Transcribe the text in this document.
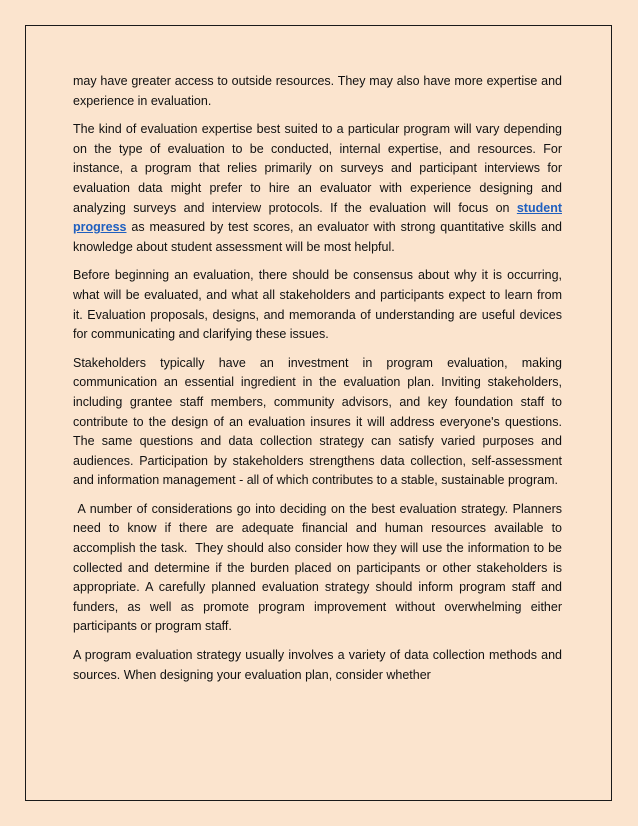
may have greater access to outside resources. They may also have more expertise and experience in evaluation.

The kind of evaluation expertise best suited to a particular program will vary depending on the type of evaluation to be conducted, internal expertise, and resources. For instance, a program that relies primarily on surveys and participant interviews for evaluation data might prefer to hire an evaluator with experience designing and analyzing surveys and interview protocols. If the evaluation will focus on student progress as measured by test scores, an evaluator with strong quantitative skills and knowledge about student assessment will be most helpful.

Before beginning an evaluation, there should be consensus about why it is occurring, what will be evaluated, and what all stakeholders and participants expect to learn from it. Evaluation proposals, designs, and memoranda of understanding are useful devices for communicating and clarifying these issues.

Stakeholders typically have an investment in program evaluation, making communication an essential ingredient in the evaluation plan. Inviting stakeholders, including grantee staff members, community advisors, and key foundation staff to contribute to the design of an evaluation insures it will address everyone's questions. The same questions and data collection strategy can satisfy varied purposes and audiences. Participation by stakeholders strengthens data collection, self-assessment and information management - all of which contributes to a stable, sustainable program.

A number of considerations go into deciding on the best evaluation strategy. Planners need to know if there are adequate financial and human resources available to accomplish the task.  They should also consider how they will use the information to be collected and determine if the burden placed on participants or other stakeholders is appropriate. A carefully planned evaluation strategy should inform program staff and funders, as well as promote program improvement without overwhelming either participants or program staff.

A program evaluation strategy usually involves a variety of data collection methods and sources. When designing your evaluation plan, consider whether
